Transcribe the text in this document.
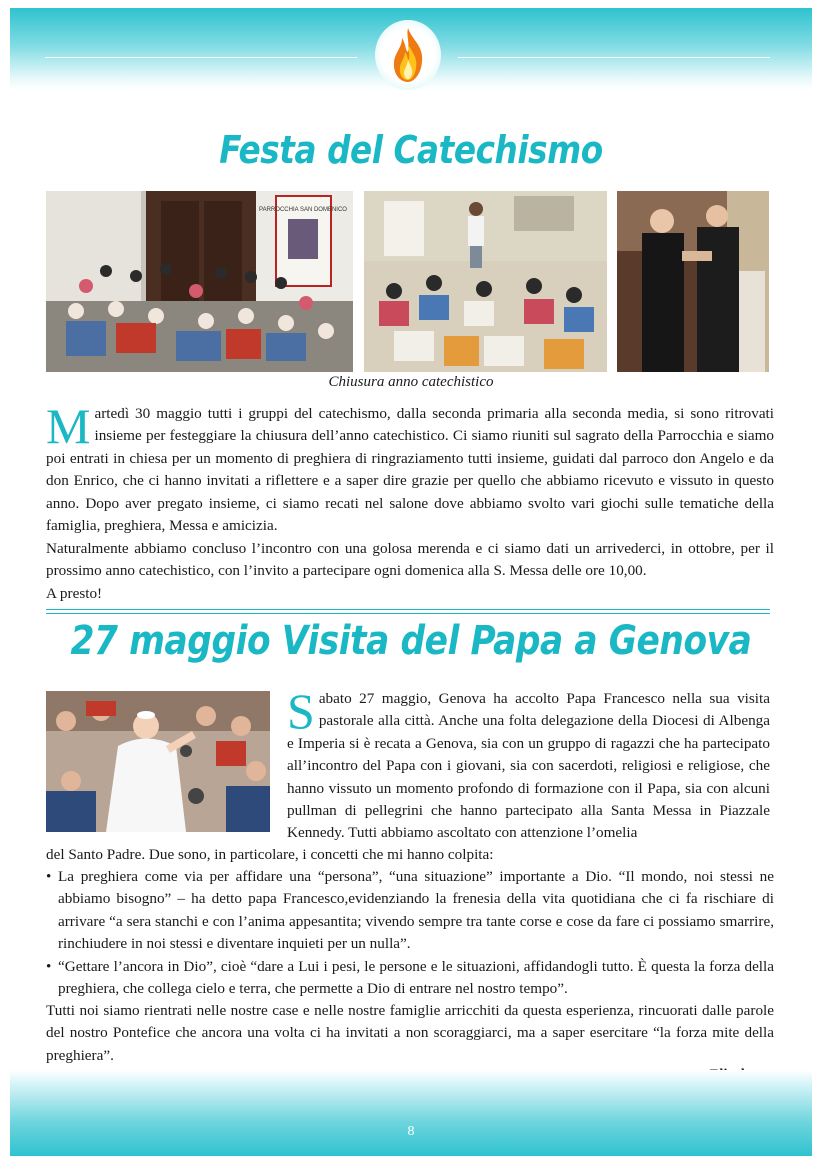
Festa del Catechismo
PARROCCHIA SAN DOMENICO
Chiusura anno catechistico

Martedì 30 maggio tutti i gruppi del catechismo, dalla seconda primaria alla seconda media, si sono ritrovati insieme per festeggiare la chiusura dell’anno catechistico. Ci siamo riuniti sul sagrato della Parrocchia e siamo poi entrati in chiesa per un momento di preghiera di ringraziamento tutti insieme, guidati dal parroco don Angelo e da don Enrico, che ci hanno invitati a riflettere e a saper dire grazie per quello che abbiamo ricevuto e vissuto in questo anno. Dopo aver pregato insieme, ci siamo recati nel salone dove abbiamo svolto vari giochi sulle tematiche della famiglia, preghiera, Messa e amicizia.

Naturalmente abbiamo concluso l’incontro con una golosa merenda e ci siamo dati un arrivederci, in ottobre, per il prossimo anno catechistico, con l’invito a partecipare ogni domenica alla S. Messa delle ore 10,00.

A presto!

27 maggio Visita del Papa a Genova

Sabato 27 maggio, Genova ha accolto Papa Francesco nella sua visita pastorale alla città. Anche una folta delegazione della Diocesi di Albenga e Imperia si è recata a Genova, sia con un gruppo di ragazzi che ha partecipato all’incontro del Papa con i giovani, sia con sacerdoti, religiosi e religiose, che hanno vissuto un momento profondo di formazione con il Papa, sia con alcuni pullman di pellegrini che hanno partecipato alla Santa Messa in Piazzale Kennedy. Tutti abbiamo ascoltato con attenzione l’omelia

del Santo Padre. Due sono, in particolare, i concetti che mi hanno colpita:

• La preghiera come via per affidare una “persona”, “una situazione” importante a Dio. “Il mondo, noi stessi ne abbiamo bisogno” – ha detto papa Francesco,evidenziando la frenesia della vita quotidiana che ci fa rischiare di arrivare “a sera stanchi e con l’anima appesantita; vivendo sempre tra tante corse e cose da fare ci possiamo smarrire, rinchiudere in noi stessi e diventare inquieti per un nulla”.
• “Gettare l’ancora in Dio”, cioè “dare a Lui i pesi, le persone e le situazioni, affidandogli tutto. È questa la forza della preghiera, che collega cielo e terra, che permette a Dio di entrare nel nostro tempo”.

Tutti noi siamo rientrati nelle nostre case e nelle nostre famiglie arricchiti da questa esperienza, rincuorati dalle parole del nostro Pontefice che ancora una volta ci ha invitati a non scoraggiarci, ma a saper esercitare “la forza mite della preghiera”.

8
